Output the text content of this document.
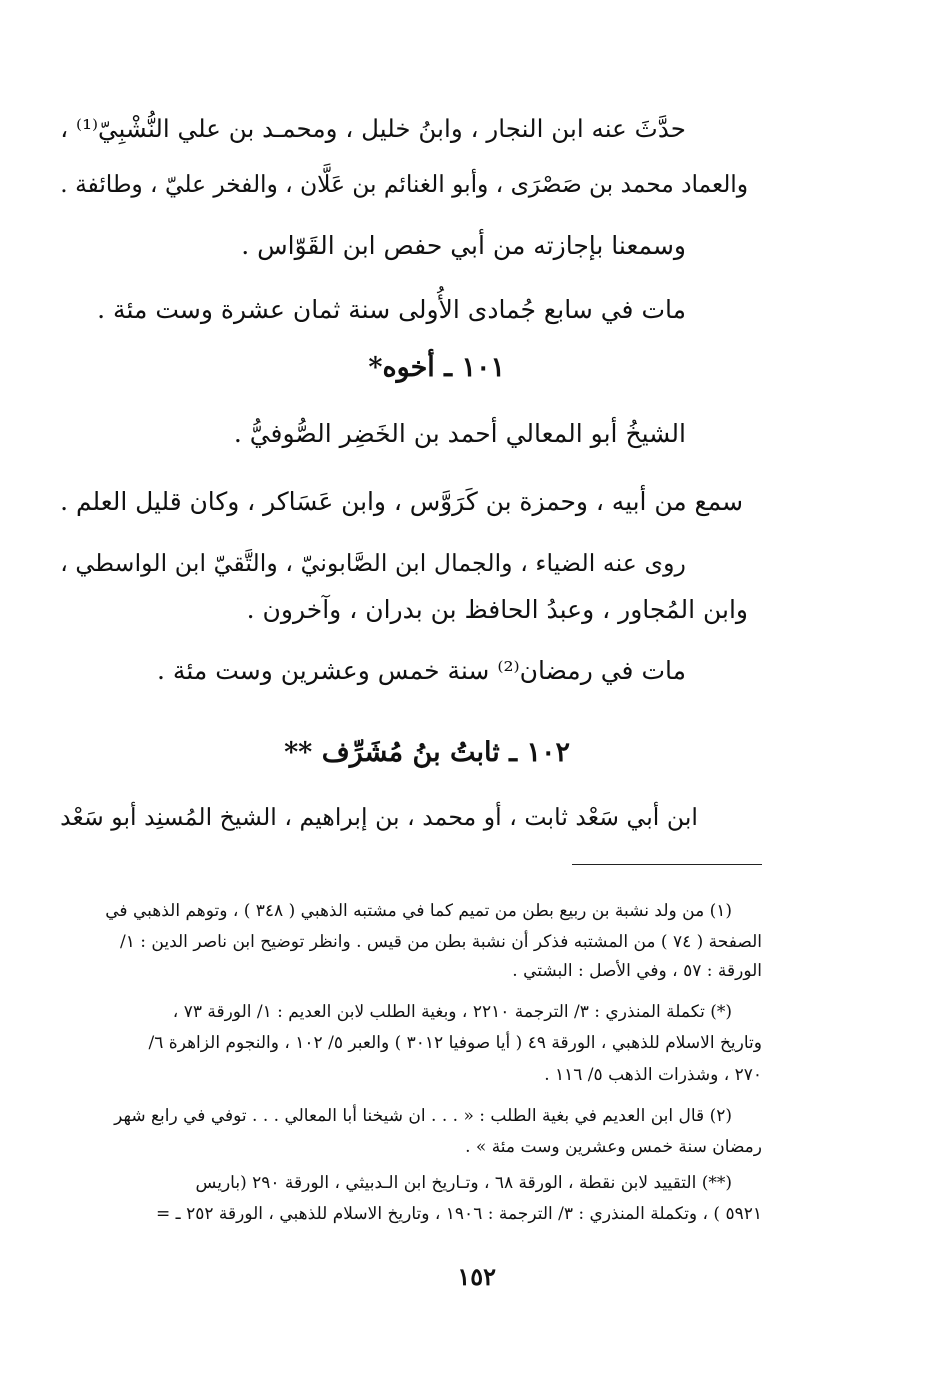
حدَّثَ عنه ابن النجار ، وابنُ خليل ، ومحمـد بن علي النُّشْبِيّ⁽¹⁾ ،
والعماد محمد بن صَصْرَى ، وأبو الغنائم بن عَلَّان ، والفخر عليّ ، وطائفة .
وسمعنا بإجازته من أبي حفص ابن القَوّاس .
مات في سابع جُمادى الأُولى سنة ثمان عشرة وست مئة .
١٠١ ـ أخوه*
الشيخُ أبو المعالي أحمد بن الخَضِر الصُّوفيُّ .
سمع من أبيه ، وحمزة بن كَرَوَّس ، وابن عَسَاكر ، وكان قليل العلم .
روى عنه الضياء ، والجمال ابن الصَّابونيّ ، والتَّقيّ ابن الواسطي ،
وابن المُجاور ، وعبدُ الحافظ بن بدران ، وآخرون .
مات في رمضان⁽²⁾ سنة خمس وعشرين وست مئة .
١٠٢ ـ ثابتُ بنُ مُشَرِّف **
ابن أبي سَعْد ثابت ، أو محمد ، بن إبراهيم ، الشيخ المُسنِد أبو سَعْد
(١) من ولد نشبة بن ربيع بطن من تميم كما في مشتبه الذهبي ( ٣٤٨ ) ، وتوهم الذهبي في
الصفحة ( ٧٤ ) من المشتبه فذكر أن نشبة بطن من قيس . وانظر توضيح ابن ناصر الدين : ١/
الورقة : ٥٧ ، وفي الأصل : البشتي .
(*) تكملة المنذري : ٣/ الترجمة ٢٢١٠ ، وبغية الطلب لابن العديم : ١/ الورقة ٧٣ ،
وتاريخ الاسلام للذهبي ، الورقة ٤٩ ( أيا صوفيا ٣٠١٢ ) والعبر ٥/ ١٠٢ ، والنجوم الزاهرة ٦/
٢٧٠ ، وشذرات الذهب ٥/ ١١٦ .
(٢) قال ابن العديم في بغية الطلب : « . . . ان شيخنا أبا المعالي . . . توفي في رابع شهر
رمضان سنة خمس وعشرين وست مئة » .
(**) التقييد لابن نقطة ، الورقة ٦٨ ، وتـاريخ ابن الـدبيثي ، الورقة ٢٩٠ (باريس
٥٩٢١ ) ، وتكملة المنذري : ٣/ الترجمة : ١٩٠٦ ، وتاريخ الاسلام للذهبي ، الورقة ٢٥٢ ـ =
١٥٢
